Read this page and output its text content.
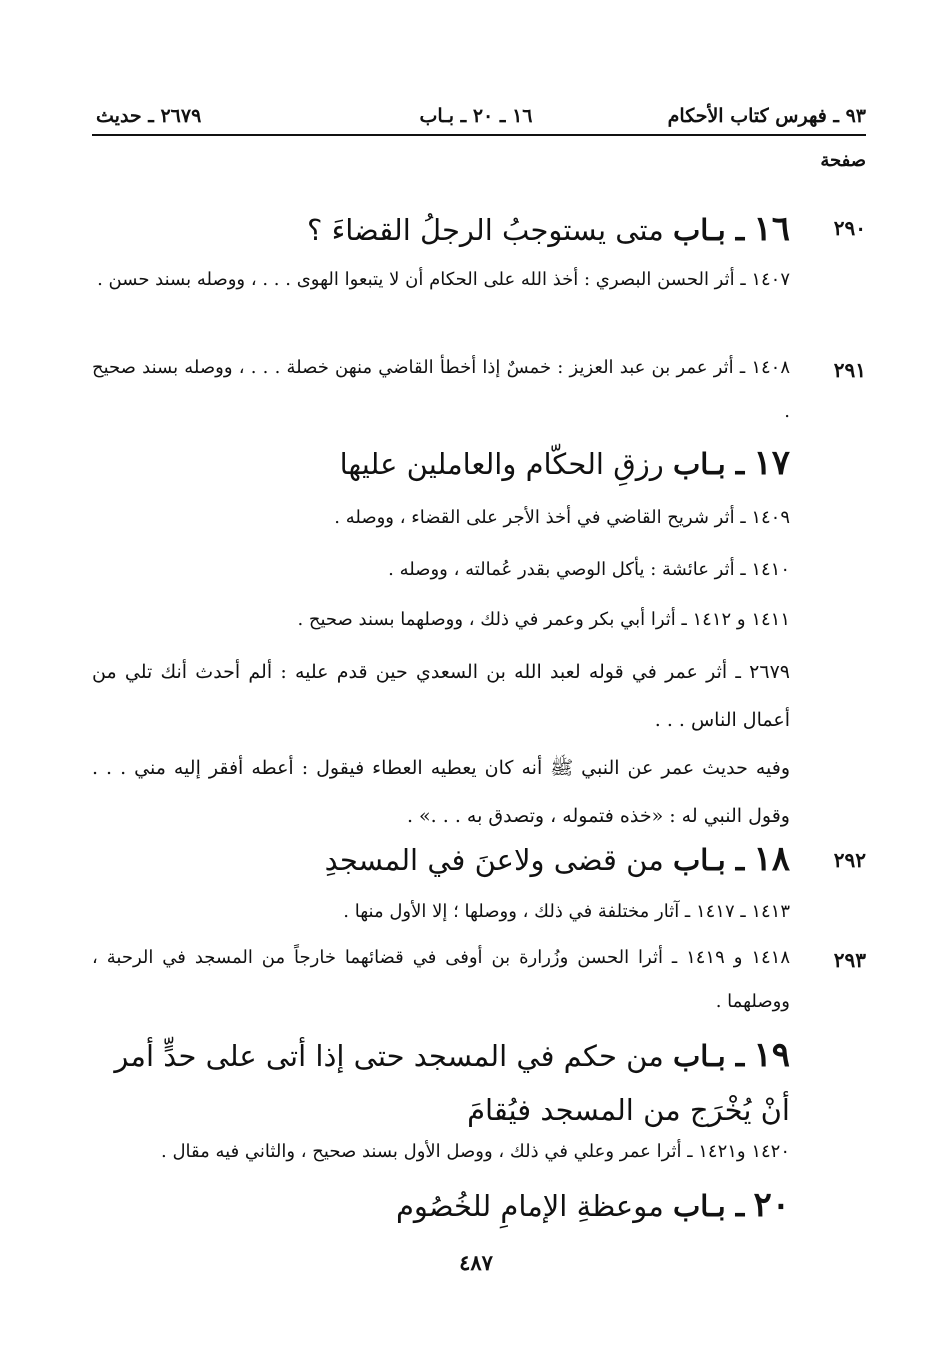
٩٣ ـ فهرس كتاب الأحكام
١٦ ـ ٢٠ ـ بـاب
٢٦٧٩ ـ حديث
صفحة
٢٩٠
١٦ ـ بـاب متى يستوجبُ الرجلُ القضاءَ ؟
١٤٠٧ ـ أثر الحسن البصري : أخذ الله على الحكام أن لا يتبعوا الهوى . . . ، ووصله بسند حسن .
٢٩١
١٤٠٨ ـ أثر عمر بن عبد العزيز : خمسٌ إذا أخطأ القاضي منهن خصلة . . . ، ووصله بسند صحيح .
١٧ ـ بـاب رزقِ الحكّام والعاملين عليها
١٤٠٩ ـ أثر شريح القاضي في أخذ الأجر على القضاء ، ووصله .
١٤١٠ ـ أثر عائشة : يأكل الوصي بقدر عُمالته ، ووصله .
١٤١١ و ١٤١٢ ـ أثرا أبي بكر وعمر في ذلك ، ووصلهما بسند صحيح .
٢٦٧٩ ـ أثر عمر في قوله لعبد الله بن السعدي حين قدم عليه : ألم أحدث أنك تلي من أعمال الناس . . .
وفيه حديث عمر عن النبي ﷺ أنه كان يعطيه العطاء فيقول : أعطه أفقر إليه مني . . . وقول النبي له : «خذه فتموله ، وتصدق به . . .» .
٢٩٢
١٨ ـ بـاب من قضى ولاعنَ في المسجدِ
١٤١٣ ـ ١٤١٧ ـ آثار مختلفة في ذلك ، ووصلها ؛ إلا الأول منها .
٢٩٣
١٤١٨ و ١٤١٩ ـ أثرا الحسن وزُرارة بن أوفى في قضائهما خارجاً من المسجد في الرحبة ، ووصلهما .
١٩ ـ بـاب من حكم في المسجد حتى إذا أتى على حدٍّ أمر أنْ يُخْرَج من المسجد فيُقامَ
١٤٢٠ و١٤٢١ ـ أثرا عمر وعلي في ذلك ، ووصل الأول بسند صحيح ، والثاني فيه مقال .
٢٠ ـ بـاب موعظةِ الإمامِ للخُصُوم
٤٨٧
